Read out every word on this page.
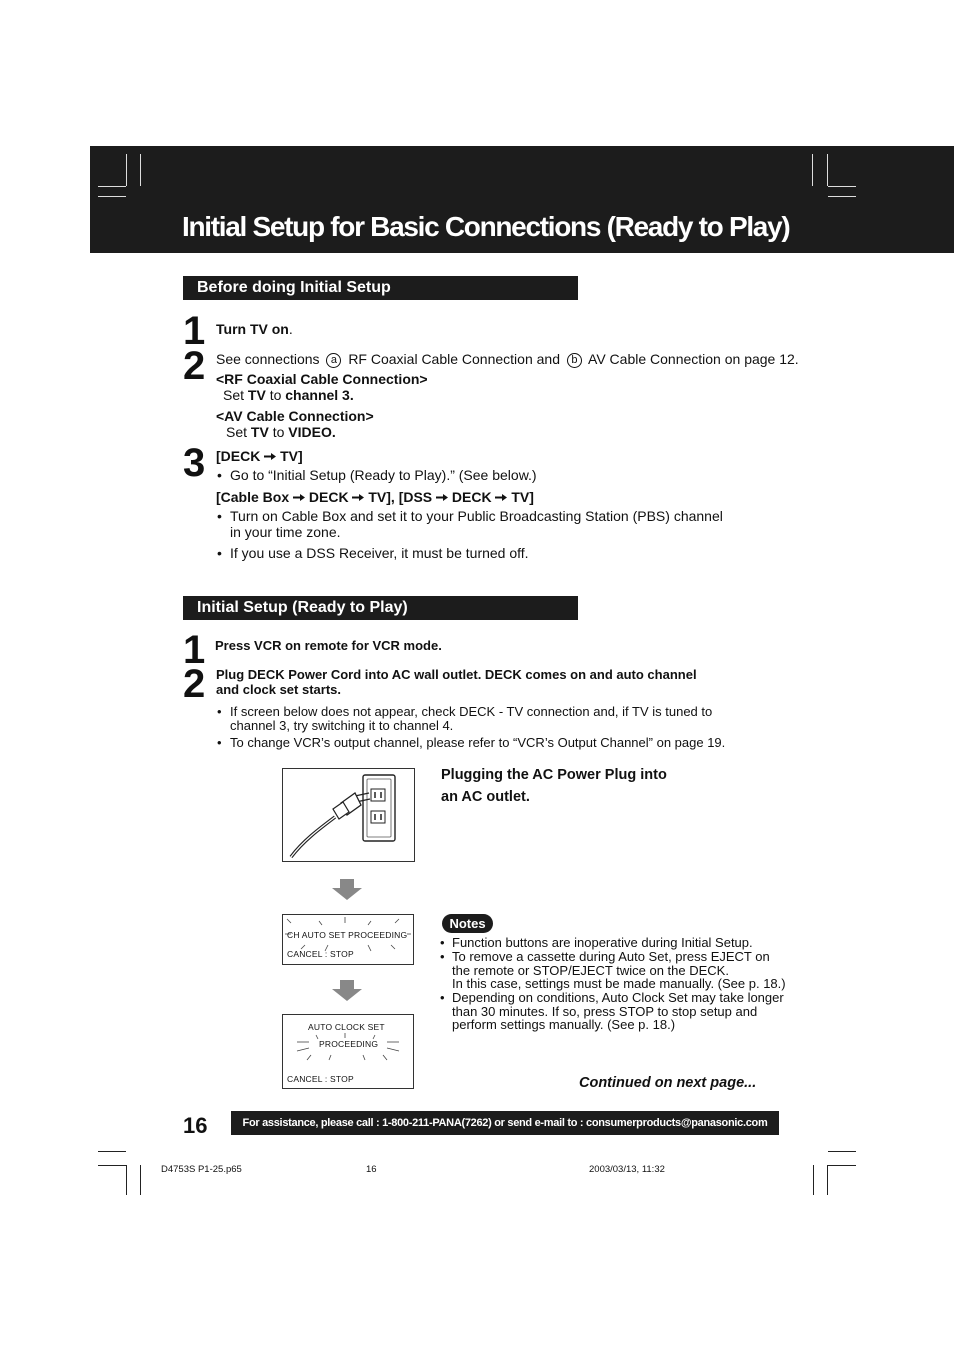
Initial Setup for Basic Connections (Ready to Play)
Before doing Initial Setup
1 Turn TV on.
2 See connections a RF Coaxial Cable Connection and b AV Cable Connection on page 12.
<RF Coaxial Cable Connection>
Set TV to channel 3.
<AV Cable Connection>
Set TV to VIDEO.
3 [DECK TV]
• Go to “Initial Setup (Ready to Play).” (See below.)
[Cable Box DECK TV], [DSS DECK TV]
• Turn on Cable Box and set it to your Public Broadcasting Station (PBS) channel
in your time zone.
• If you use a DSS Receiver, it must be turned off.
Initial Setup (Ready to Play)
1 Press VCR on remote for VCR mode.
2 Plug DECK Power Cord into AC wall outlet. DECK comes on and auto channel
and clock set starts.
• If screen below does not appear, check DECK - TV connection and, if TV is tuned to
channel 3, try switching it to channel 4.
• To change VCR’s output channel, please refer to “VCR’s Output Channel” on page 19.
Plugging the AC Power Plug into
an AC outlet.
CH AUTO SET PROCEEDING
CANCEL : STOP
AUTO CLOCK SET
PROCEEDING
CANCEL : STOP
Notes
• Function buttons are inoperative during Initial Setup.
• To remove a cassette during Auto Set, press EJECT on
the remote or STOP/EJECT twice on the DECK.
In this case, settings must be made manually. (See p. 18.)
• Depending on conditions, Auto Clock Set may take longer
than 30 minutes. If so, press STOP to stop setup and
perform settings manually. (See p. 18.)
Continued on next page...
16	For assistance, please call : 1-800-211-PANA(7262) or send e-mail to : consumerproducts@panasonic.com
D4753S P1-25.p65	16	2003/03/13, 11:32
